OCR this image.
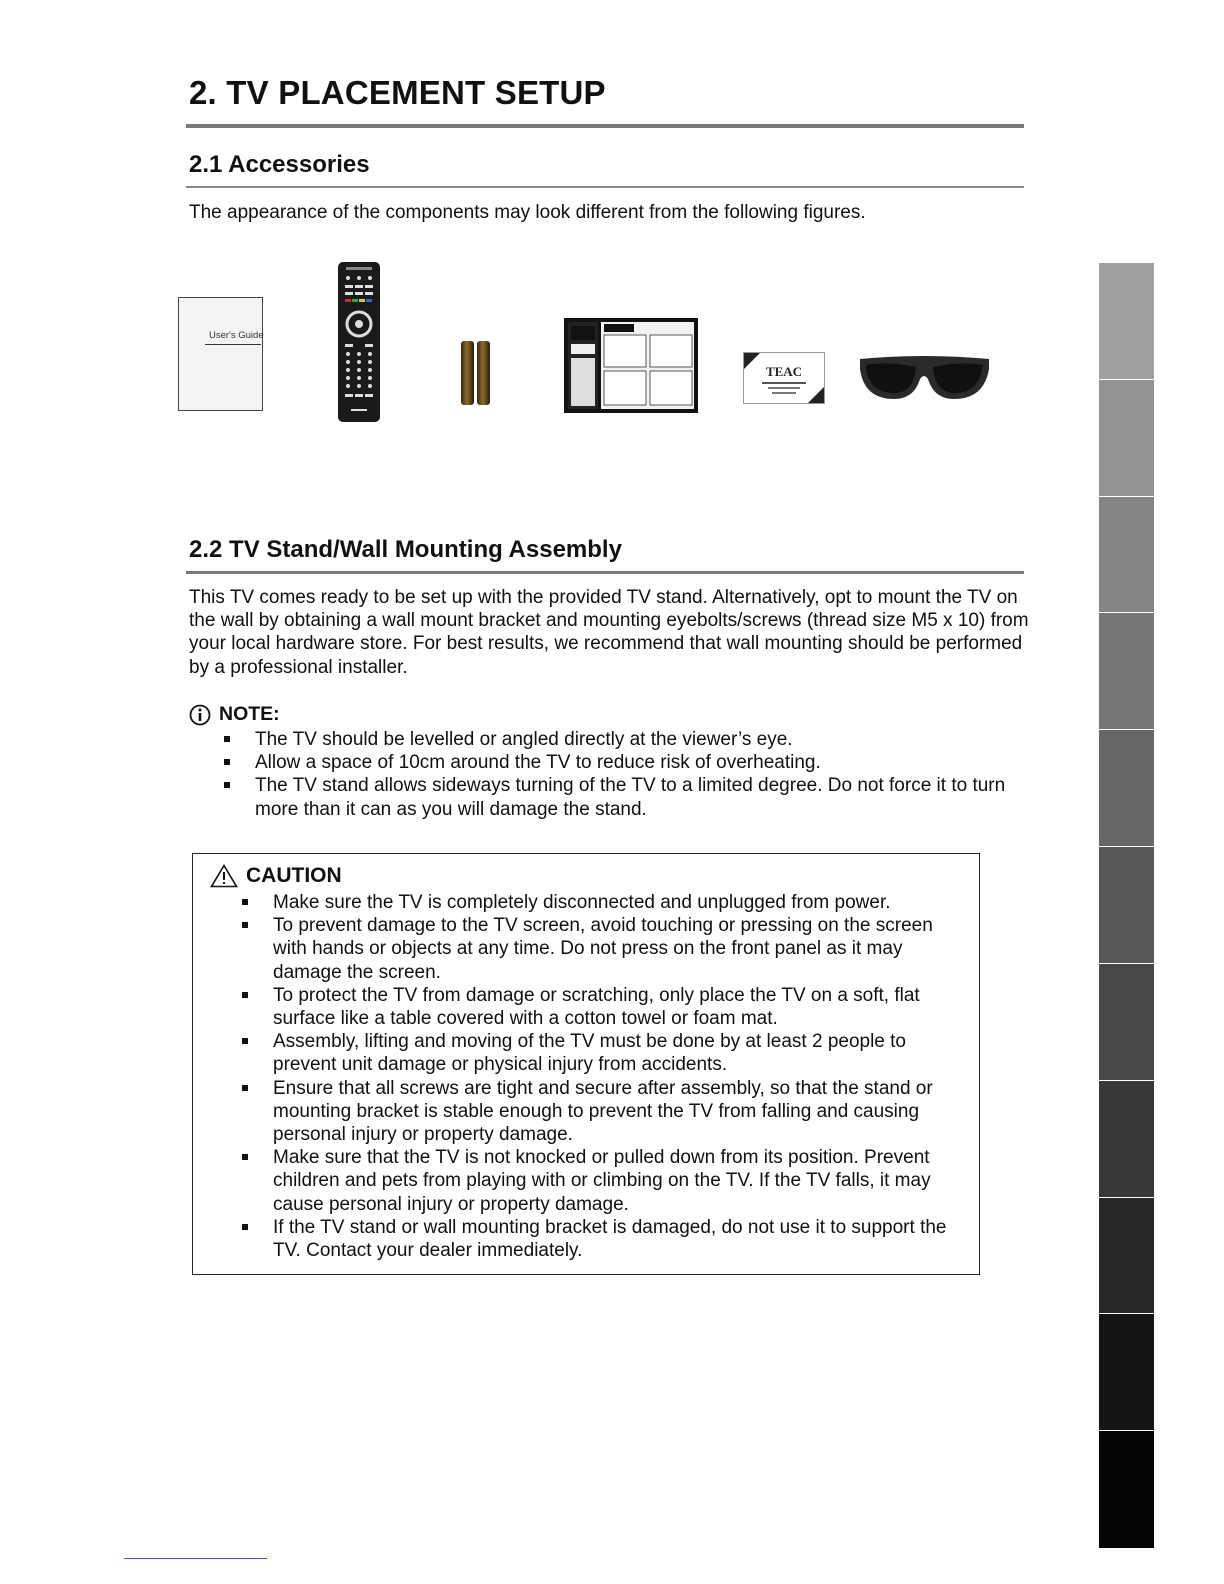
2. TV PLACEMENT SETUP
2.1 Accessories

The appearance of the components may look different from the following figures.

User's Guide
TEAC
2.2 TV Stand/Wall Mounting Assembly

This TV comes ready to be set up with the provided TV stand. Alternatively, opt to mount the TV on the wall by obtaining a wall mount bracket and mounting eyebolts/screws (thread size M5 x 10) from your local hardware store. For best results, we recommend that wall mounting should be performed by a professional installer.

NOTE:
The TV should be levelled or angled directly at the viewer’s eye.
Allow a space of 10cm around the TV to reduce risk of overheating.
The TV stand allows sideways turning of the TV to a limited degree. Do not force it to turn more than it can as you will damage the stand.
CAUTION
Make sure the TV is completely disconnected and unplugged from power.
To prevent damage to the TV screen, avoid touching or pressing on the screen with hands or objects at any time. Do not press on the front panel as it may damage the screen.
To protect the TV from damage or scratching, only place the TV on a soft, flat surface like a table covered with a cotton towel or foam mat.
Assembly, lifting and moving of the TV must be done by at least 2 people to prevent unit damage or physical injury from accidents.
Ensure that all screws are tight and secure after assembly, so that the stand or mounting bracket is stable enough to prevent the TV from falling and causing personal injury or property damage.
Make sure that the TV is not knocked or pulled down from its position. Prevent children and pets from playing with or climbing on the TV. If the TV falls, it may cause personal injury or property damage.
If the TV stand or wall mounting bracket is damaged, do not use it to support the TV. Contact your dealer immediately.
